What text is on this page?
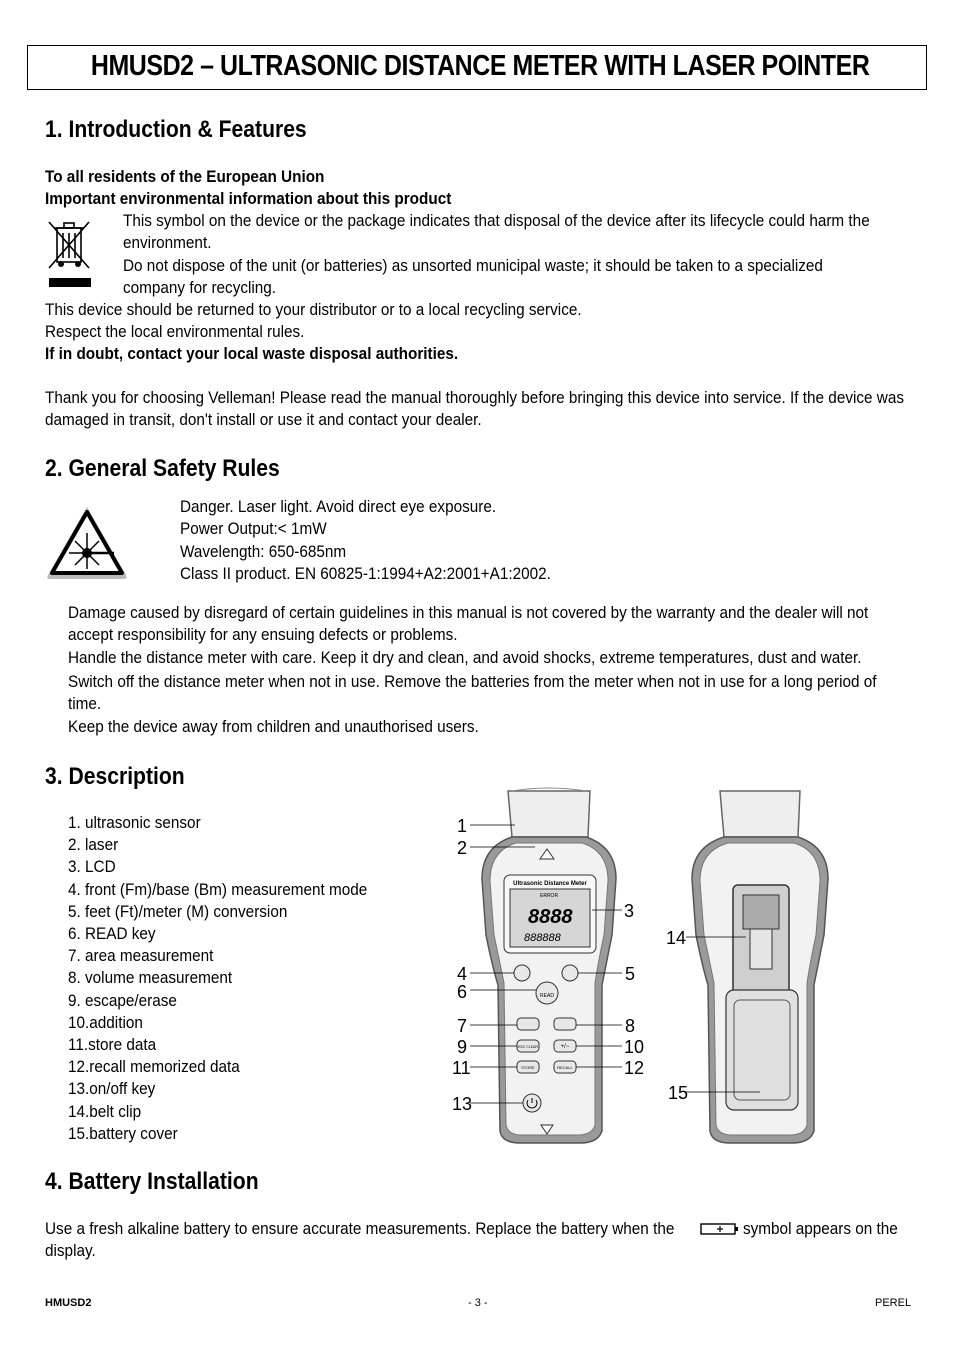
HMUSD2 – ULTRASONIC DISTANCE METER WITH LASER POINTER
1. Introduction & Features
To all residents of the European Union
Important environmental information about this product
This symbol on the device or the package indicates that disposal of the device after its lifecycle could harm the
environment.
Do not dispose of the unit (or batteries) as unsorted municipal waste; it should be taken to a specialized
company for recycling.
This device should be returned to your distributor or to a local recycling service.
Respect the local environmental rules.
If in doubt, contact your local waste disposal authorities.
Thank you for choosing Velleman! Please read the manual thoroughly before bringing this device into service. If the device was
damaged in transit, don't install or use it and contact your dealer.
2. General Safety Rules
Danger. Laser light. Avoid direct eye exposure.
Power Output:< 1mW
Wavelength: 650-685nm
Class II product. EN 60825-1:1994+A2:2001+A1:2002.
Damage caused by disregard of certain guidelines in this manual is not covered by the warranty and the dealer will not
accept responsibility for any ensuing defects or problems.
Handle the distance meter with care. Keep it dry and clean, and avoid shocks, extreme temperatures, dust and water.
Switch off the distance meter when not in use. Remove the batteries from the meter when not in use for a long period of
time.
Keep the device away from children and unauthorised users.
3. Description
1. ultrasonic sensor
2. laser
3. LCD
4. front (Fm)/base (Bm) measurement mode
5. feet (Ft)/meter (M) conversion
6. READ key
7. area measurement
8. volume measurement
9. escape/erase
10.addition
11.store data
12.recall memorized data
13.on/off key
14.belt clip
15.battery cover
Ultrasonic Distance Meter
ERROR
8888
888888
READ
ESC CLEAR	+/−
STORE	RECALL
1
2
3
4	5
6
7	8
9	10
11	12
13
14
15
4. Battery Installation
Use a fresh alkaline battery to ensure accurate measurements. Replace the battery when the	symbol appears on the
display.
HMUSD2	- 3 -	PEREL
